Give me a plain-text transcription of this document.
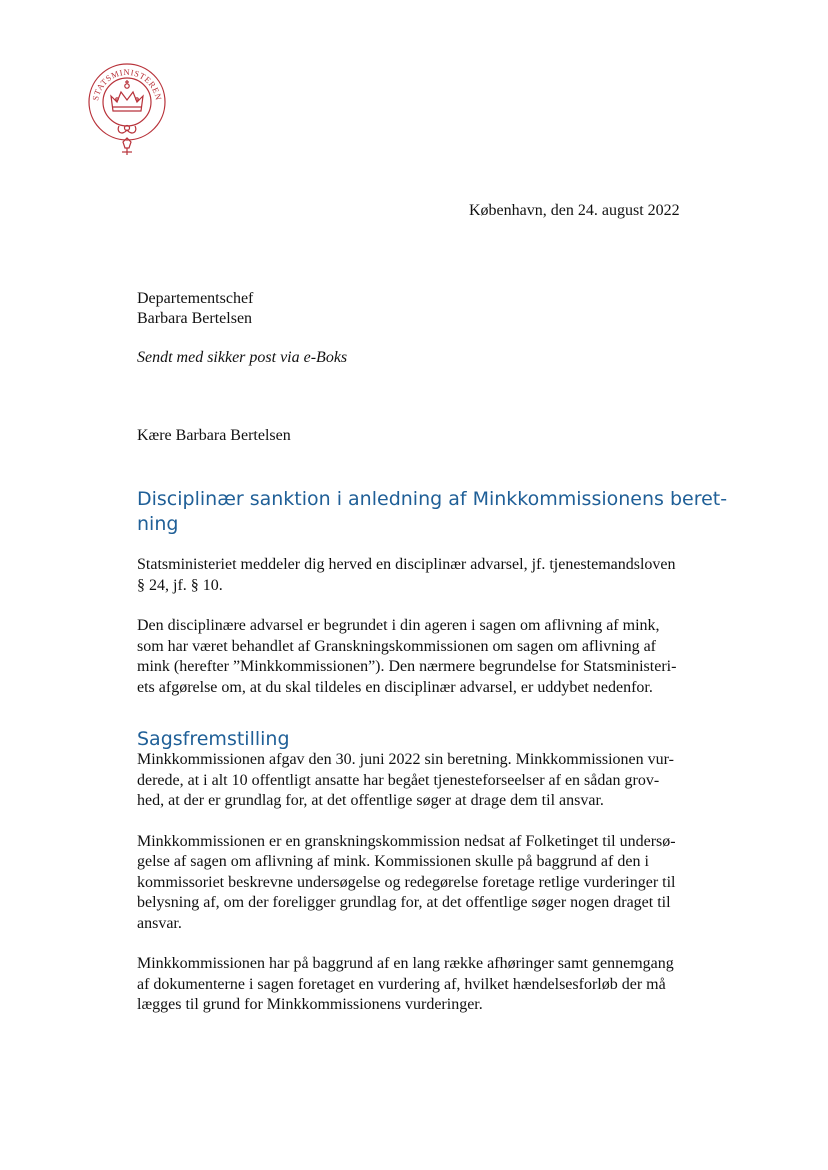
STATSMINISTEREN
København, den 24. august 2022
Departementschef
Barbara Bertelsen
Sendt med sikker post via e-Boks
Kære Barbara Bertelsen
Disciplinær sanktion i anledning af Minkkommissionens beret-
ning
Statsministeriet meddeler dig herved en disciplinær advarsel, jf. tjenestemandsloven
§ 24, jf. § 10.
Den disciplinære advarsel er begrundet i din ageren i sagen om aflivning af mink,
som har været behandlet af Granskningskommissionen om sagen om aflivning af
mink (herefter ”Minkkommissionen”). Den nærmere begrundelse for Statsministeri-
ets afgørelse om, at du skal tildeles en disciplinær advarsel, er uddybet nedenfor.
Sagsfremstilling
Minkkommissionen afgav den 30. juni 2022 sin beretning. Minkkommissionen vur-
derede, at i alt 10 offentligt ansatte har begået tjenesteforseelser af en sådan grov-
hed, at der er grundlag for, at det offentlige søger at drage dem til ansvar.
Minkkommissionen er en granskningskommission nedsat af Folketinget til undersø-
gelse af sagen om aflivning af mink. Kommissionen skulle på baggrund af den i
kommissoriet beskrevne undersøgelse og redegørelse foretage retlige vurderinger til
belysning af, om der foreligger grundlag for, at det offentlige søger nogen draget til
ansvar.
Minkkommissionen har på baggrund af en lang række afhøringer samt gennemgang
af dokumenterne i sagen foretaget en vurdering af, hvilket hændelsesforløb der må
lægges til grund for Minkkommissionens vurderinger.
